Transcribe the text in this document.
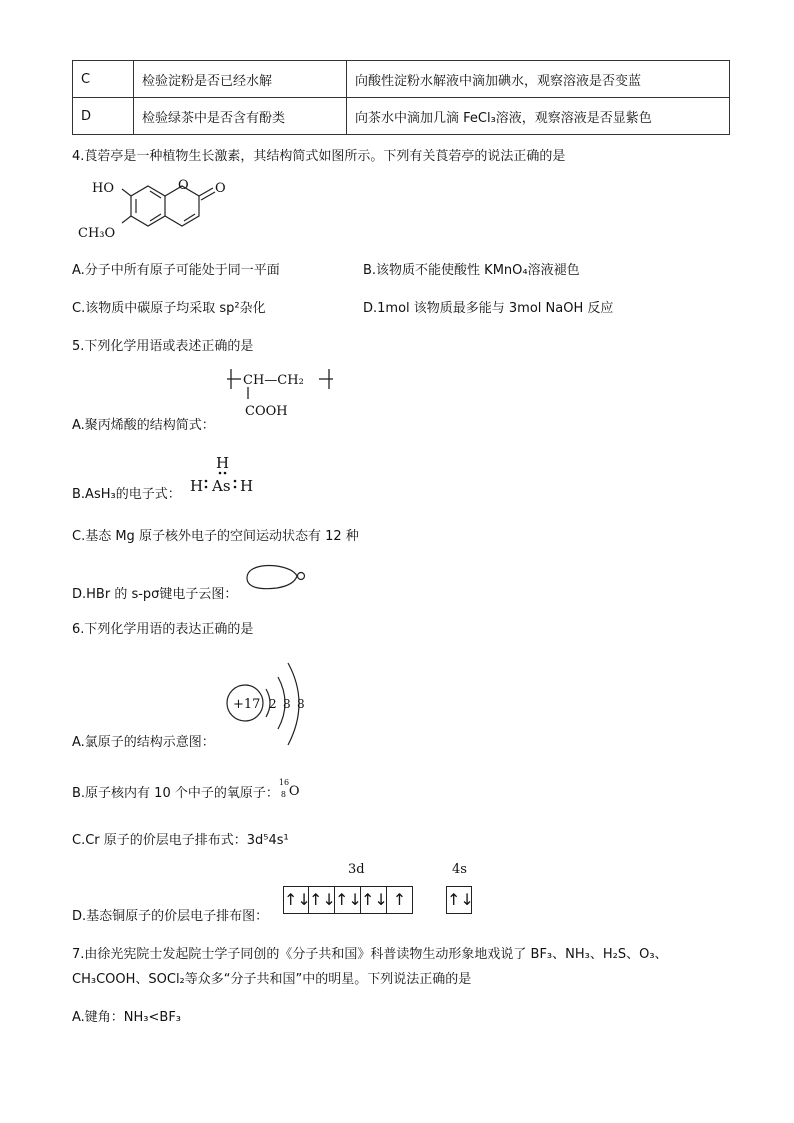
C	检验淀粉是否已经水解	向酸性淀粉水解液中滴加碘水，观察溶液是否变蓝
D	检验绿茶中是否含有酚类	向茶水中滴加几滴 FeCl₃溶液，观察溶液是否显紫色
4.莨菪亭是一种植物生长激素，其结构简式如图所示。下列有关莨菪亭的说法正确的是
HO	O O
CH₃O
A.分子中所有原子可能处于同一平面	B.该物质不能使酸性 KMnO₄溶液褪色
C.该物质中碳原子均采取 sp²杂化	D.1mol 该物质最多能与 3mol NaOH 反应
5.下列化学用语或表述正确的是
CH—CH₂
COOH
A.聚丙烯酸的结构简式：
H
H As H
B.AsH₃的电子式：
C.基态 Mg 原子核外电子的空间运动状态有 12 种
D.HBr 的 s-pσ键电子云图：
6.下列化学用语的表达正确的是
+17 2 8 8
A.氯原子的结构示意图：
B.原子核内有 10 个中子的氧原子：
16
8 O
C.Cr 原子的价层电子排布式：3d⁵4s¹
3d	4s
↑↓
↑↓ ↑↓ ↑↓ ↑	↑↓
D.基态铜原子的价层电子排布图：
7.由徐光宪院士发起院士学子同创的《分子共和国》科普读物生动形象地戏说了 BF₃、NH₃、H₂S、O₃、
CH₃COOH、SOCl₂等众多“分子共和国”中的明星。下列说法正确的是
A.键角：NH₃<BF₃
